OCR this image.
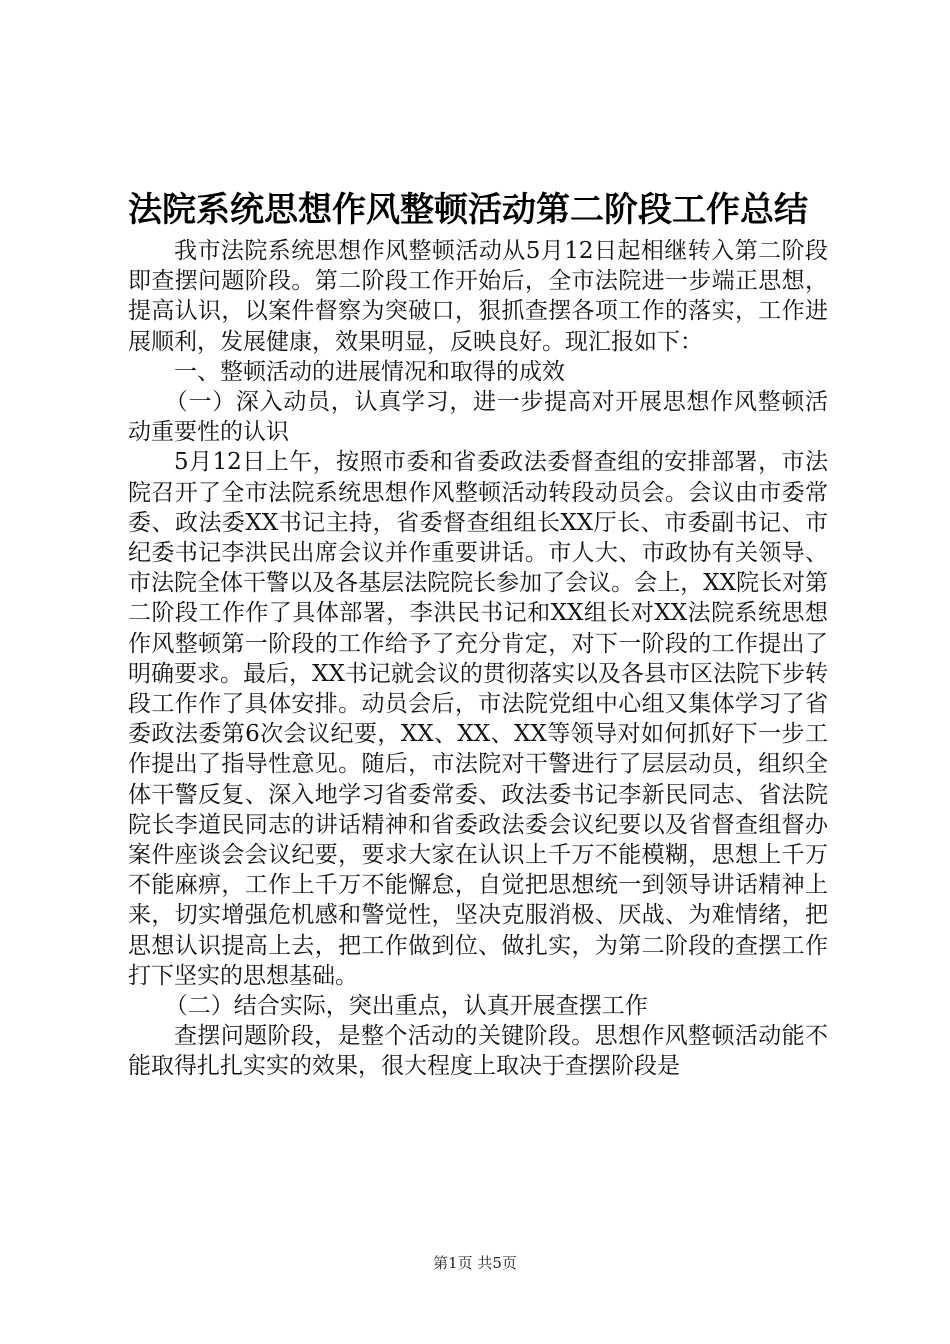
法院系统思想作风整顿活动第二阶段工作总结

我市法院系统思想作风整顿活动从5月12日起相继转入第二阶段即查摆问题阶段。第二阶段工作开始后，全市法院进一步端正思想，提高认识，以案件督察为突破口，狠抓查摆各项工作的落实，工作进展顺利，发展健康，效果明显，反映良好。现汇报如下：

一、整顿活动的进展情况和取得的成效

（一）深入动员，认真学习，进一步提高对开展思想作风整顿活动重要性的认识

5月12日上午，按照市委和省委政法委督查组的安排部署，市法院召开了全市法院系统思想作风整顿活动转段动员会。会议由市委常委、政法委XX书记主持，省委督查组组长XX厅长、市委副书记、市纪委书记李洪民出席会议并作重要讲话。市人大、市政协有关领导、市法院全体干警以及各基层法院院长参加了会议。会上，XX院长对第二阶段工作作了具体部署，李洪民书记和XX组长对XX法院系统思想作风整顿第一阶段的工作给予了充分肯定，对下一阶段的工作提出了明确要求。最后，XX书记就会议的贯彻落实以及各县市区法院下步转段工作作了具体安排。动员会后，市法院党组中心组又集体学习了省委政法委第6次会议纪要，XX、XX、XX等领导对如何抓好下一步工作提出了指导性意见。随后，市法院对干警进行了层层动员，组织全体干警反复、深入地学习省委常委、政法委书记李新民同志、省法院院长李道民同志的讲话精神和省委政法委会议纪要以及省督查组督办案件座谈会会议纪要，要求大家在认识上千万不能模糊，思想上千万不能麻痹，工作上千万不能懈怠，自觉把思想统一到领导讲话精神上来，切实增强危机感和警觉性，坚决克服消极、厌战、为难情绪，把思想认识提高上去，把工作做到位、做扎实，为第二阶段的查摆工作打下坚实的思想基础。

（二）结合实际，突出重点，认真开展查摆工作

查摆问题阶段，是整个活动的关键阶段。思想作风整顿活动能不能取得扎扎实实的效果，很大程度上取决于查摆阶段是

第1页 共5页
